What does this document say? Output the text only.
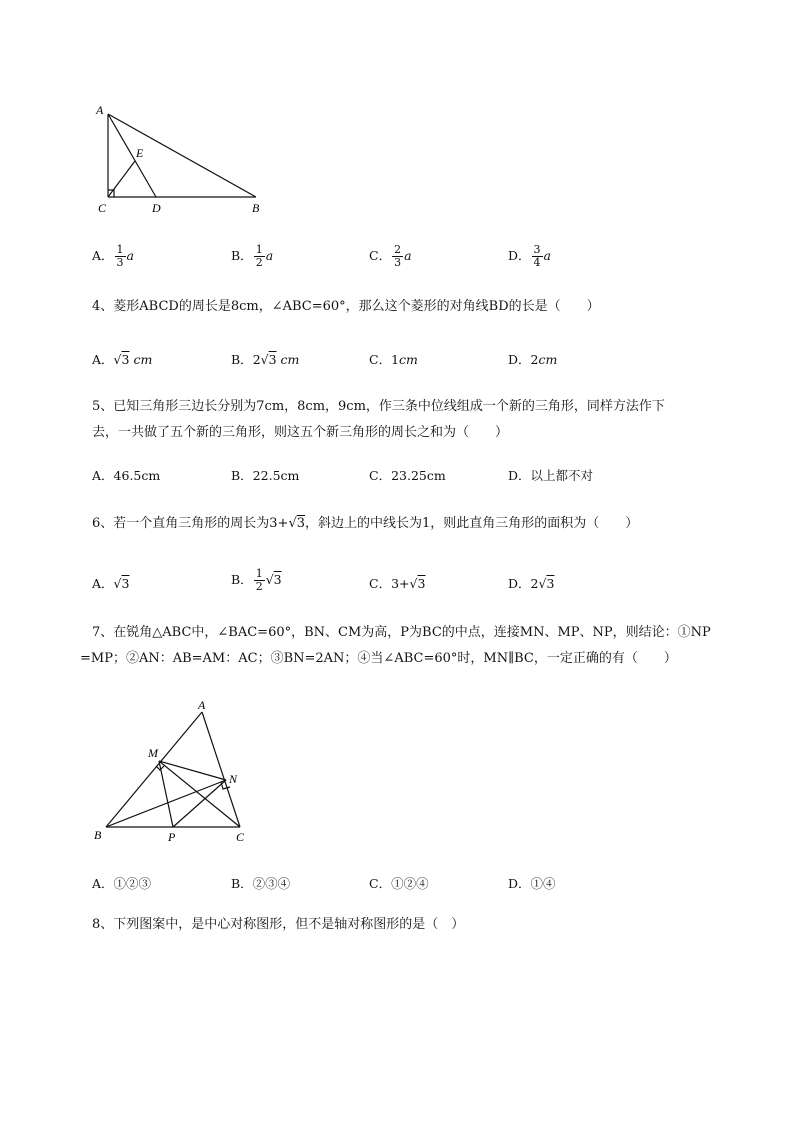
A
E
C	D	B
A． $\frac{1}{3}$ a	B． $\frac{1}{2}$ a	C． $\frac{2}{3}$ a	D． $\frac{3}{4}$ a
4、菱形ABCD的周长是8cm，∠ABC=60°，那么这个菱形的对角线BD的长是（　　）
A．√3 cm	B．2√3 cm	C．1cm	D．2cm
5、已知三角形三边长分别为7cm，8cm，9cm，作三条中位线组成一个新的三角形，同样方法作下
去，一共做了五个新的三角形，则这五个新三角形的周长之和为（　　）
A．46.5cm	B．22.5cm	C．23.25cm	D．以上都不对
6、若一个直角三角形的周长为3+√3，斜边上的中线长为1，则此直角三角形的面积为（　　）
A．√3	B． $\frac{1}{2} √3$	C．3+√3	D．2√3
7、在锐角△ABC中，∠BAC=60°，BN、CM为高，P为BC的中点，连接MN、MP、NP，则结论：①NP
=MP；②AN：AB=AM：AC；③BN=2AN；④当∠ABC=60°时，MN∥BC，一定正确的有（　　）
A
M
N
B	P	C
A．①②③	B．②③④	C．①②④	D．①④
8、下列图案中，是中心对称图形，但不是轴对称图形的是（　）
